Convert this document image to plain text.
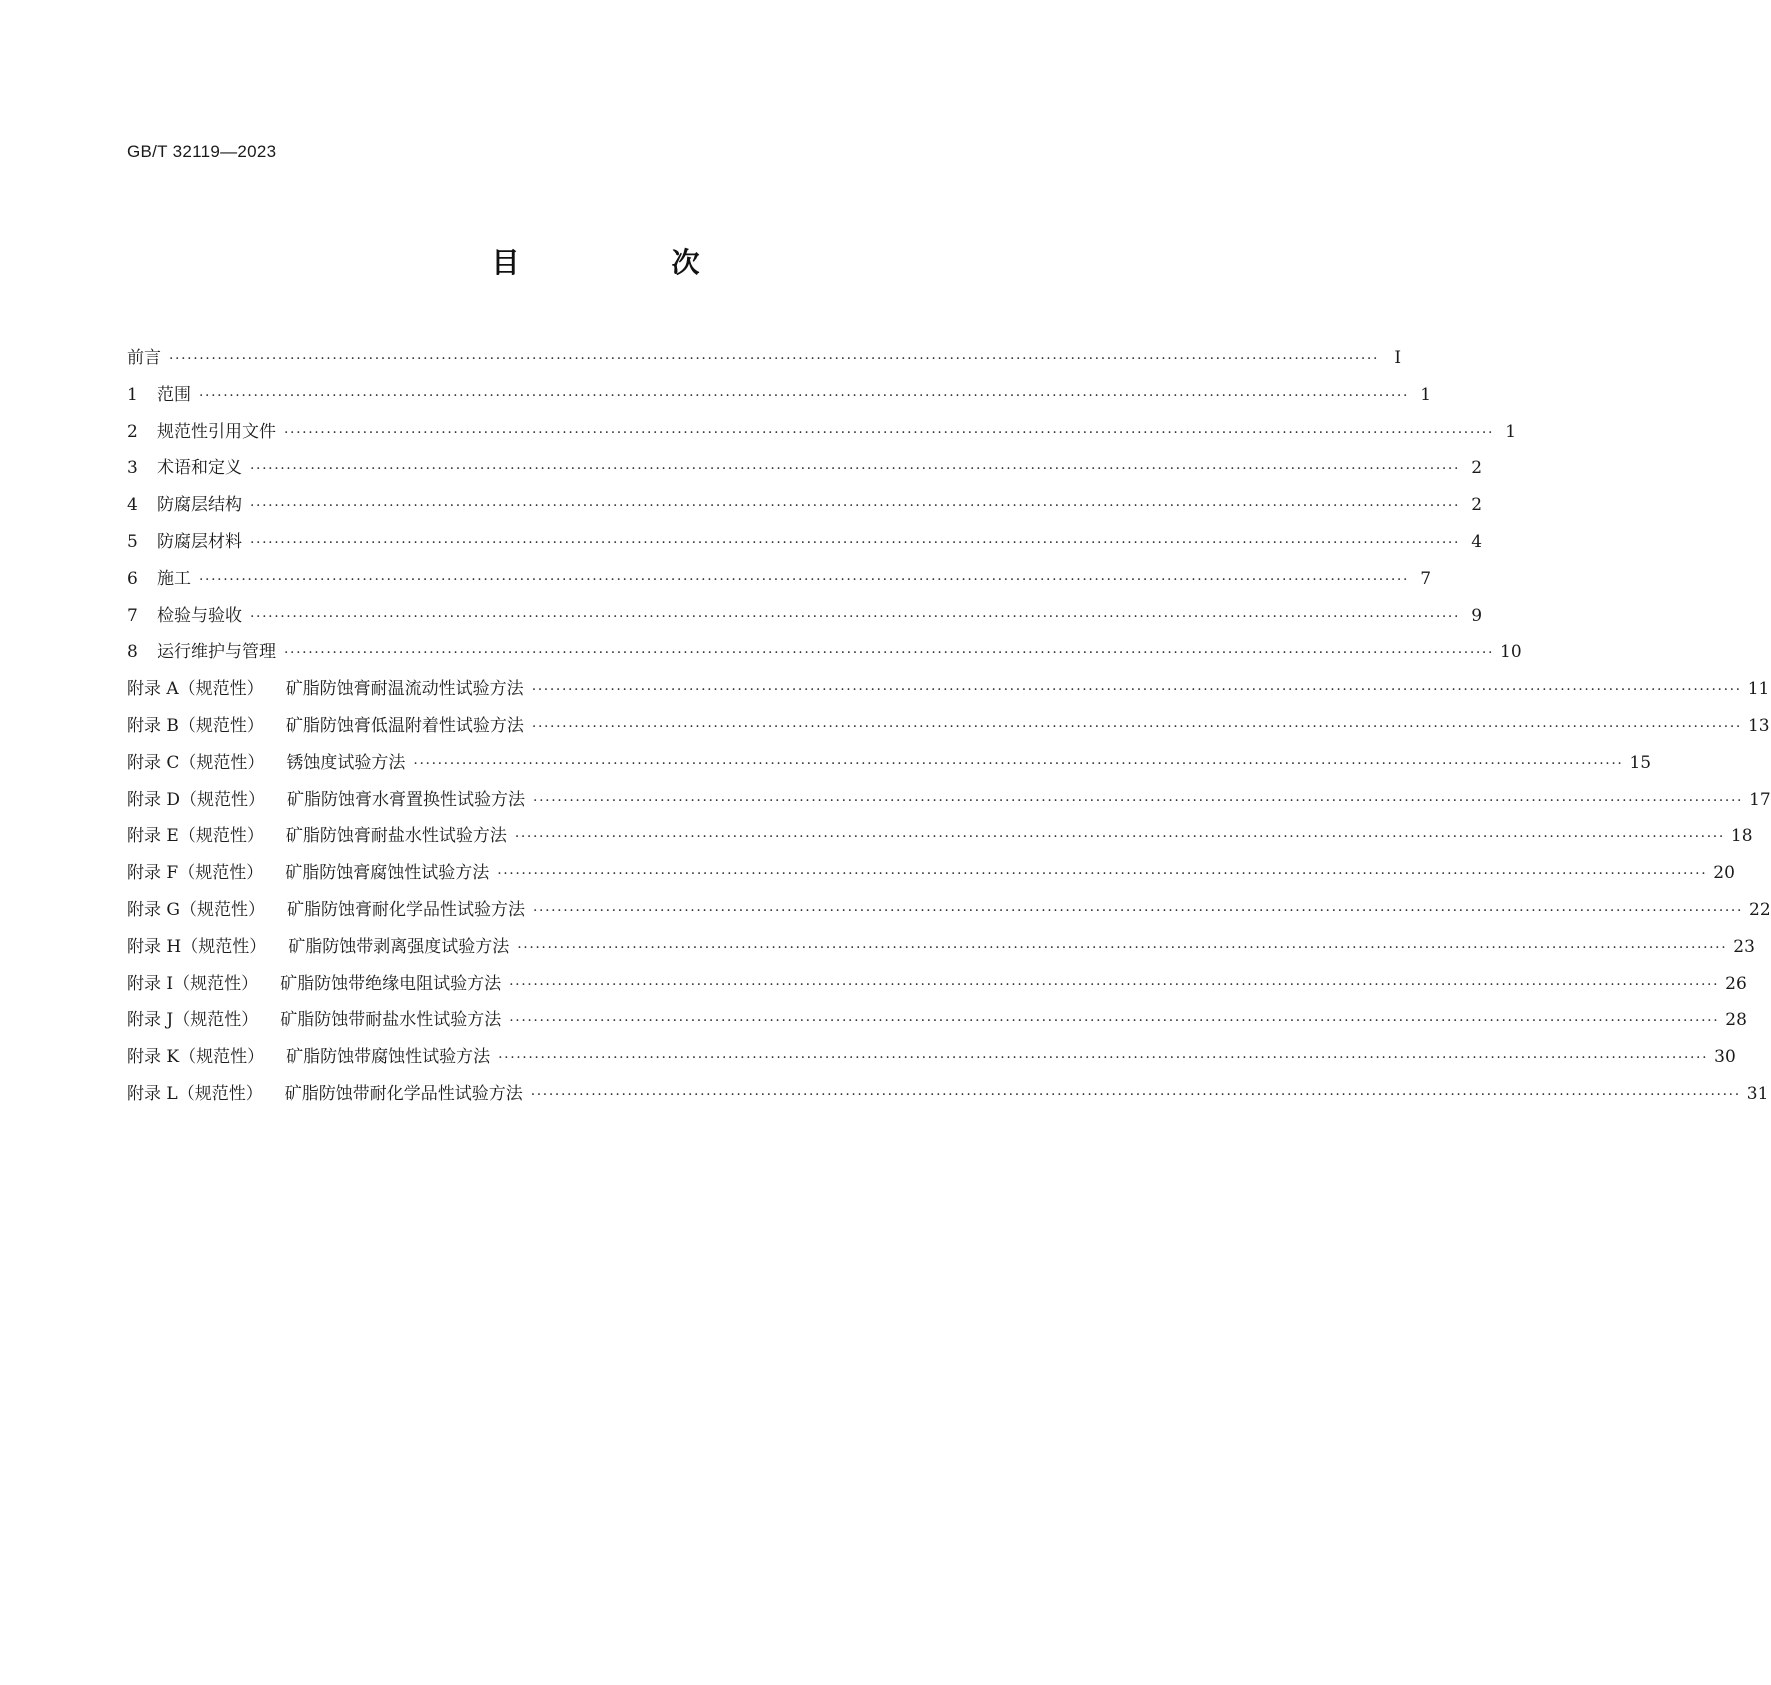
GB/T 32119—2023
目　次
前言 ········································································································································································································ Ⅰ
1 范围 ········································································································································································································ 1
2 规范性引用文件 ········································································································································································································ 1
3 术语和定义 ········································································································································································································ 2
4 防腐层结构 ········································································································································································································ 2
5 防腐层材料 ········································································································································································································ 4
6 施工 ········································································································································································································ 7
7 检验与验收 ········································································································································································································ 9
8 运行维护与管理 ········································································································································································································ 10
附录 A（规范性） 矿脂防蚀膏耐温流动性试验方法 ········································································································································································································ 11
附录 B（规范性） 矿脂防蚀膏低温附着性试验方法 ········································································································································································································ 13
附录 C（规范性） 锈蚀度试验方法 ········································································································································································································ 15
附录 D（规范性） 矿脂防蚀膏水膏置换性试验方法 ········································································································································································································ 17
附录 E（规范性） 矿脂防蚀膏耐盐水性试验方法 ········································································································································································································ 18
附录 F（规范性） 矿脂防蚀膏腐蚀性试验方法 ········································································································································································································ 20
附录 G（规范性） 矿脂防蚀膏耐化学品性试验方法 ········································································································································································································ 22
附录 H（规范性） 矿脂防蚀带剥离强度试验方法 ········································································································································································································ 23
附录 I（规范性） 矿脂防蚀带绝缘电阻试验方法 ········································································································································································································ 26
附录 J（规范性） 矿脂防蚀带耐盐水性试验方法 ········································································································································································································ 28
附录 K（规范性） 矿脂防蚀带腐蚀性试验方法 ········································································································································································································ 30
附录 L（规范性） 矿脂防蚀带耐化学品性试验方法 ········································································································································································································ 31
